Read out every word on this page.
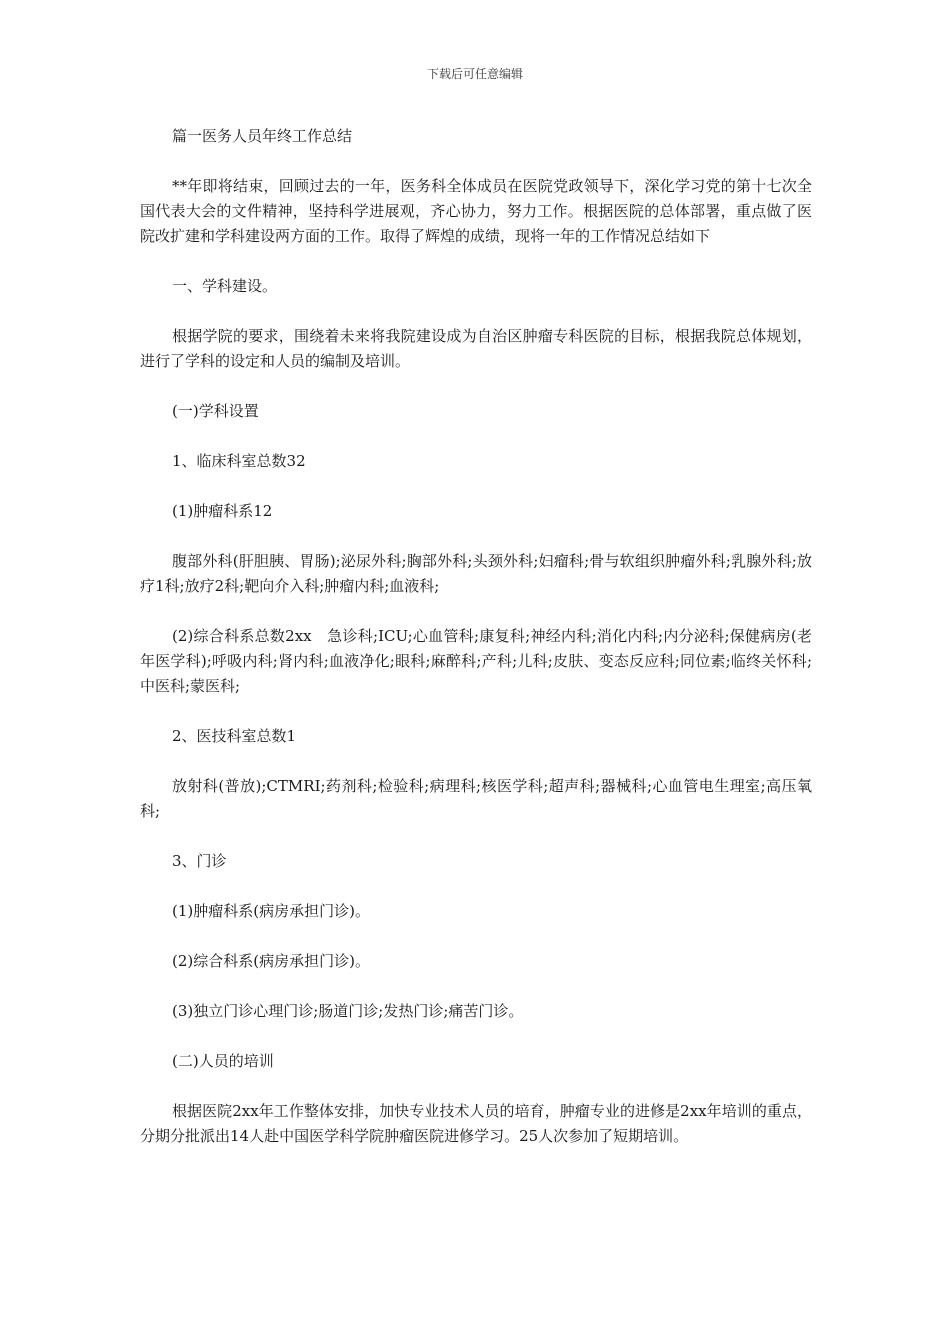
下载后可任意编辑

篇一医务人员年终工作总结

**年即将结束，回顾过去的一年，医务科全体成员在医院党政领导下，深化学习党的第十七次全国代表大会的文件精神，坚持科学进展观，齐心协力，努力工作。根据医院的总体部署，重点做了医院改扩建和学科建设两方面的工作。取得了辉煌的成绩，现将一年的工作情况总结如下

一、学科建设。

根据学院的要求，围绕着未来将我院建设成为自治区肿瘤专科医院的目标，根据我院总体规划，进行了学科的设定和人员的编制及培训。

(一)学科设置

1、临床科室总数32

(1)肿瘤科系12

腹部外科(肝胆胰、胃肠);泌尿外科;胸部外科;头颈外科;妇瘤科;骨与软组织肿瘤外科;乳腺外科;放疗1科;放疗2科;靶向介入科;肿瘤内科;血液科;

(2)综合科系总数2xx　急诊科;ICU;心血管科;康复科;神经内科;消化内科;内分泌科;保健病房(老年医学科);呼吸内科;肾内科;血液净化;眼科;麻醉科;产科;儿科;皮肤、变态反应科;同位素;临终关怀科;中医科;蒙医科;

2、医技科室总数1

放射科(普放);CTMRI;药剂科;检验科;病理科;核医学科;超声科;器械科;心血管电生理室;高压氧科;

3、门诊

(1)肿瘤科系(病房承担门诊)。

(2)综合科系(病房承担门诊)。

(3)独立门诊心理门诊;肠道门诊;发热门诊;痛苦门诊。

(二)人员的培训

根据医院2xx年工作整体安排，加快专业技术人员的培育，肿瘤专业的进修是2xx年培训的重点，分期分批派出14人赴中国医学科学院肿瘤医院进修学习。25人次参加了短期培训。
